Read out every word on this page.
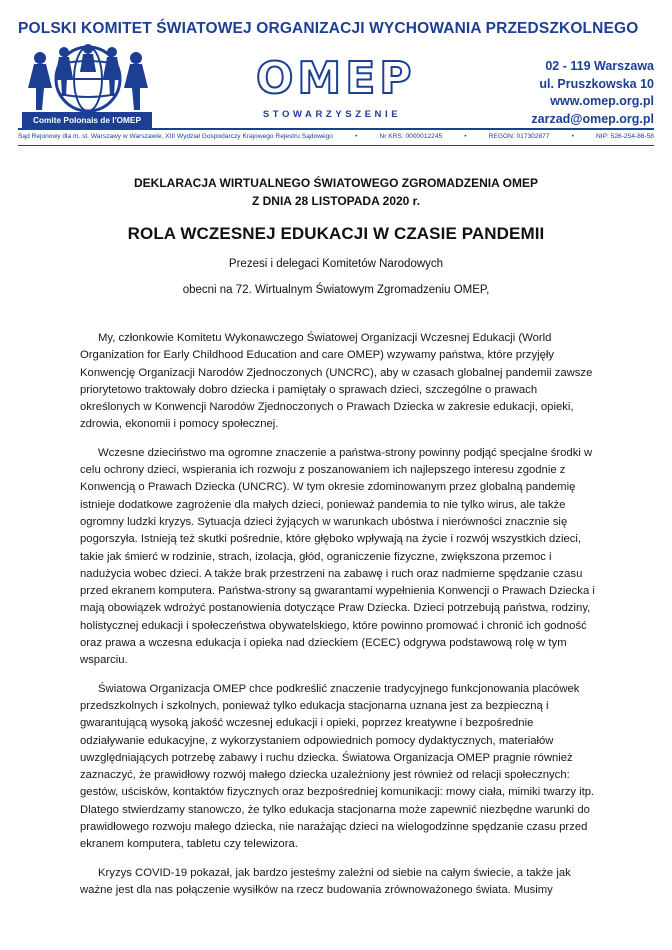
POLSKI KOMITET ŚWIATOWEJ ORGANIZACJI WYCHOWANIA PRZEDSZKOLNEGO
Comite Polonais de l'OMEP
OMEP
STOWARZYSZENIE
02 - 119 Warszawa
ul. Pruszkowska 10
www.omep.org.pl
zarzad@omep.org.pl
Sąd Rejonowy dla m. st. Warszawy w Warszawie, XIII Wydział Gospodarczy Krajowego Rejestru Sądowego	•	Nr KRS: 0000012245	•	REGON: 017302877	•	NIP: 526-254-86-58
DEKLARACJA WIRTUALNEGO ŚWIATOWEGO ZGROMADZENIA OMEP
Z DNIA 28 LISTOPADA 2020 r.
ROLA WCZESNEJ EDUKACJI W CZASIE PANDEMII
Prezesi i delegaci Komitetów Narodowych
obecni na 72. Wirtualnym Światowym Zgromadzeniu OMEP,

My, członkowie Komitetu Wykonawczego Światowej Organizacji Wczesnej Edukacji (World Organization for Early Childhood Education and care OMEP) wzywamy państwa, które przyjęły Konwencję Organizacji Narodów Zjednoczonych (UNCRC), aby w czasach globalnej pandemii zawsze priorytetowo traktowały dobro dziecka i pamiętały o sprawach dzieci, szczególne o prawach określonych w Konwencji Narodów Zjednoczonych o Prawach Dziecka w zakresie edukacji, opieki, zdrowia, ekonomii i pomocy społecznej.

Wczesne dzieciństwo ma ogromne znaczenie a państwa-strony powinny podjąć specjalne środki w celu ochrony dzieci, wspierania ich rozwoju z poszanowaniem ich najlepszego interesu zgodnie z Konwencją o Prawach Dziecka (UNCRC). W tym okresie zdominowanym przez globalną pandemię istnieje dodatkowe zagrożenie dla małych dzieci, ponieważ pandemia to nie tylko wirus, ale także ogromny ludzki kryzys. Sytuacja dzieci żyjących w warunkach ubóstwa i nierówności znacznie się pogorszyła. Istnieją też skutki pośrednie, które głęboko wpływają na życie i rozwój wszystkich dzieci, takie jak śmierć w rodzinie, strach, izolacja, głód, ograniczenie fizyczne, zwiększona przemoc i nadużycia wobec dzieci. A także brak przestrzeni na zabawę i ruch oraz nadmierne spędzanie czasu przed ekranem komputera. Państwa-strony są gwarantami wypełnienia Konwencji o Prawach Dziecka i mają obowiązek wdrożyć postanowienia dotyczące Praw Dziecka. Dzieci potrzebują państwa, rodziny, holistycznej edukacji i społeczeństwa obywatelskiego, które powinno promować i chronić ich godność oraz prawa a wczesna edukacja i opieka nad dzieckiem (ECEC) odgrywa podstawową rolę w tym wsparciu.

Światowa Organizacja OMEP chce podkreślić znaczenie tradycyjnego funkcjonowania placówek przedszkolnych i szkolnych, ponieważ tylko edukacja stacjonarna uznana jest za bezpieczną i gwarantującą wysoką jakość wczesnej edukacji i opieki, poprzez kreatywne i bezpośrednie odziaływanie edukacyjne, z wykorzystaniem odpowiednich pomocy dydaktycznych, materiałów uwzględniających potrzebę zabawy i ruchu dziecka. Światowa Organizacja OMEP pragnie również zaznaczyć, że prawidłowy rozwój małego dziecka uzależniony jest również od relacji społecznych: gestów, uścisków, kontaktów fizycznych oraz bezpośredniej komunikacji: mowy ciała, mimiki twarzy itp. Dlatego stwierdzamy stanowczo, że tylko edukacja stacjonarna może zapewnić niezbędne warunki do prawidłowego rozwoju małego dziecka, nie narażając dzieci na wielogodzinne spędzanie czasu przed ekranem komputera, tabletu czy telewizora.

Kryzys COVID-19 pokazał, jak bardzo jesteśmy zależni od siebie na całym świecie, a także jak ważne jest dla nas połączenie wysiłków na rzecz budowania zrównoważonego świata. Musimy
